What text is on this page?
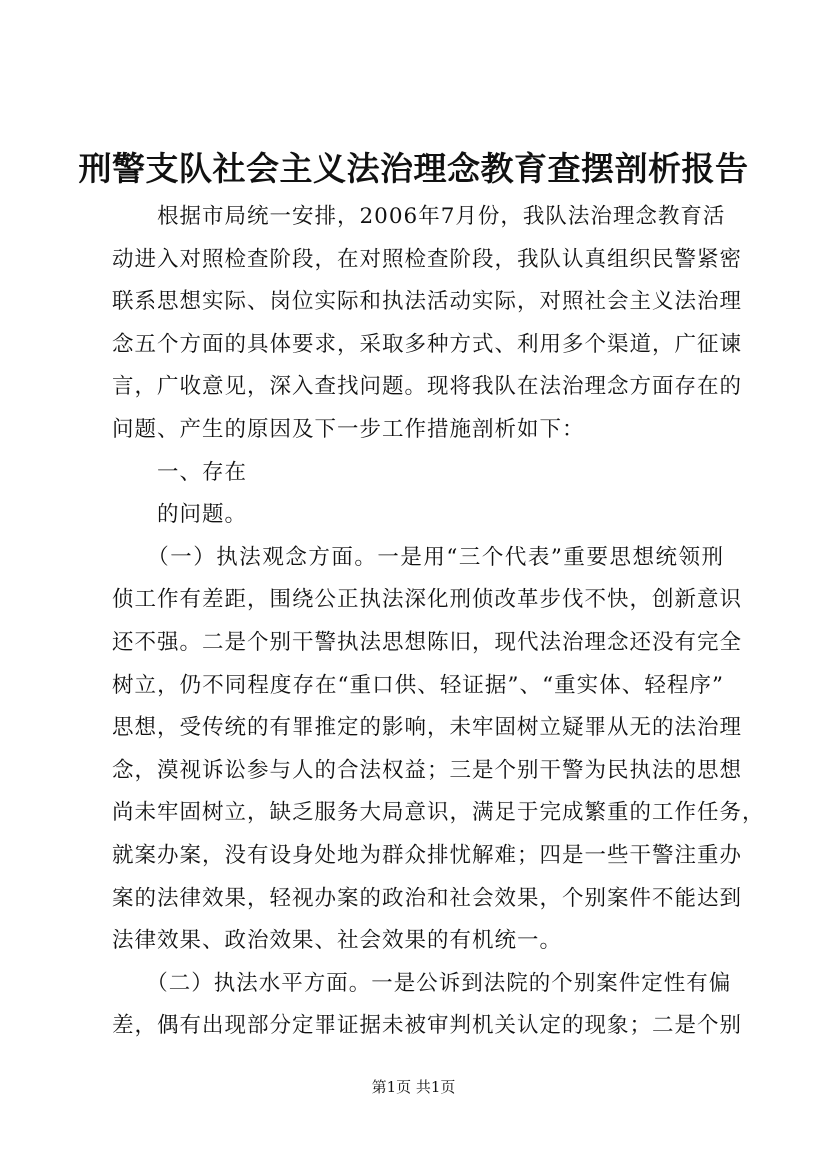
刑警支队社会主义法治理念教育查摆剖析报告
　　根据市局统一安排，2006年7月份，我队法治理念教育活
动进入对照检查阶段，在对照检查阶段，我队认真组织民警紧密
联系思想实际、岗位实际和执法活动实际，对照社会主义法治理
念五个方面的具体要求，采取多种方式、利用多个渠道，广征谏
言，广收意见，深入查找问题。现将我队在法治理念方面存在的
问题、产生的原因及下一步工作措施剖析如下：
　　一、存在
　　的问题。
　　（一）执法观念方面。一是用“三个代表”重要思想统领刑
侦工作有差距，围绕公正执法深化刑侦改革步伐不快，创新意识
还不强。二是个别干警执法思想陈旧，现代法治理念还没有完全
树立，仍不同程度存在“重口供、轻证据”、“重实体、轻程序”
思想，受传统的有罪推定的影响，未牢固树立疑罪从无的法治理
念，漠视诉讼参与人的合法权益；三是个别干警为民执法的思想
尚未牢固树立，缺乏服务大局意识，满足于完成繁重的工作任务，
就案办案，没有设身处地为群众排忧解难；四是一些干警注重办
案的法律效果，轻视办案的政治和社会效果，个别案件不能达到
法律效果、政治效果、社会效果的有机统一。
　　（二）执法水平方面。一是公诉到法院的个别案件定性有偏
差，偶有出现部分定罪证据未被审判机关认定的现象；二是个别
第1页 共1页
